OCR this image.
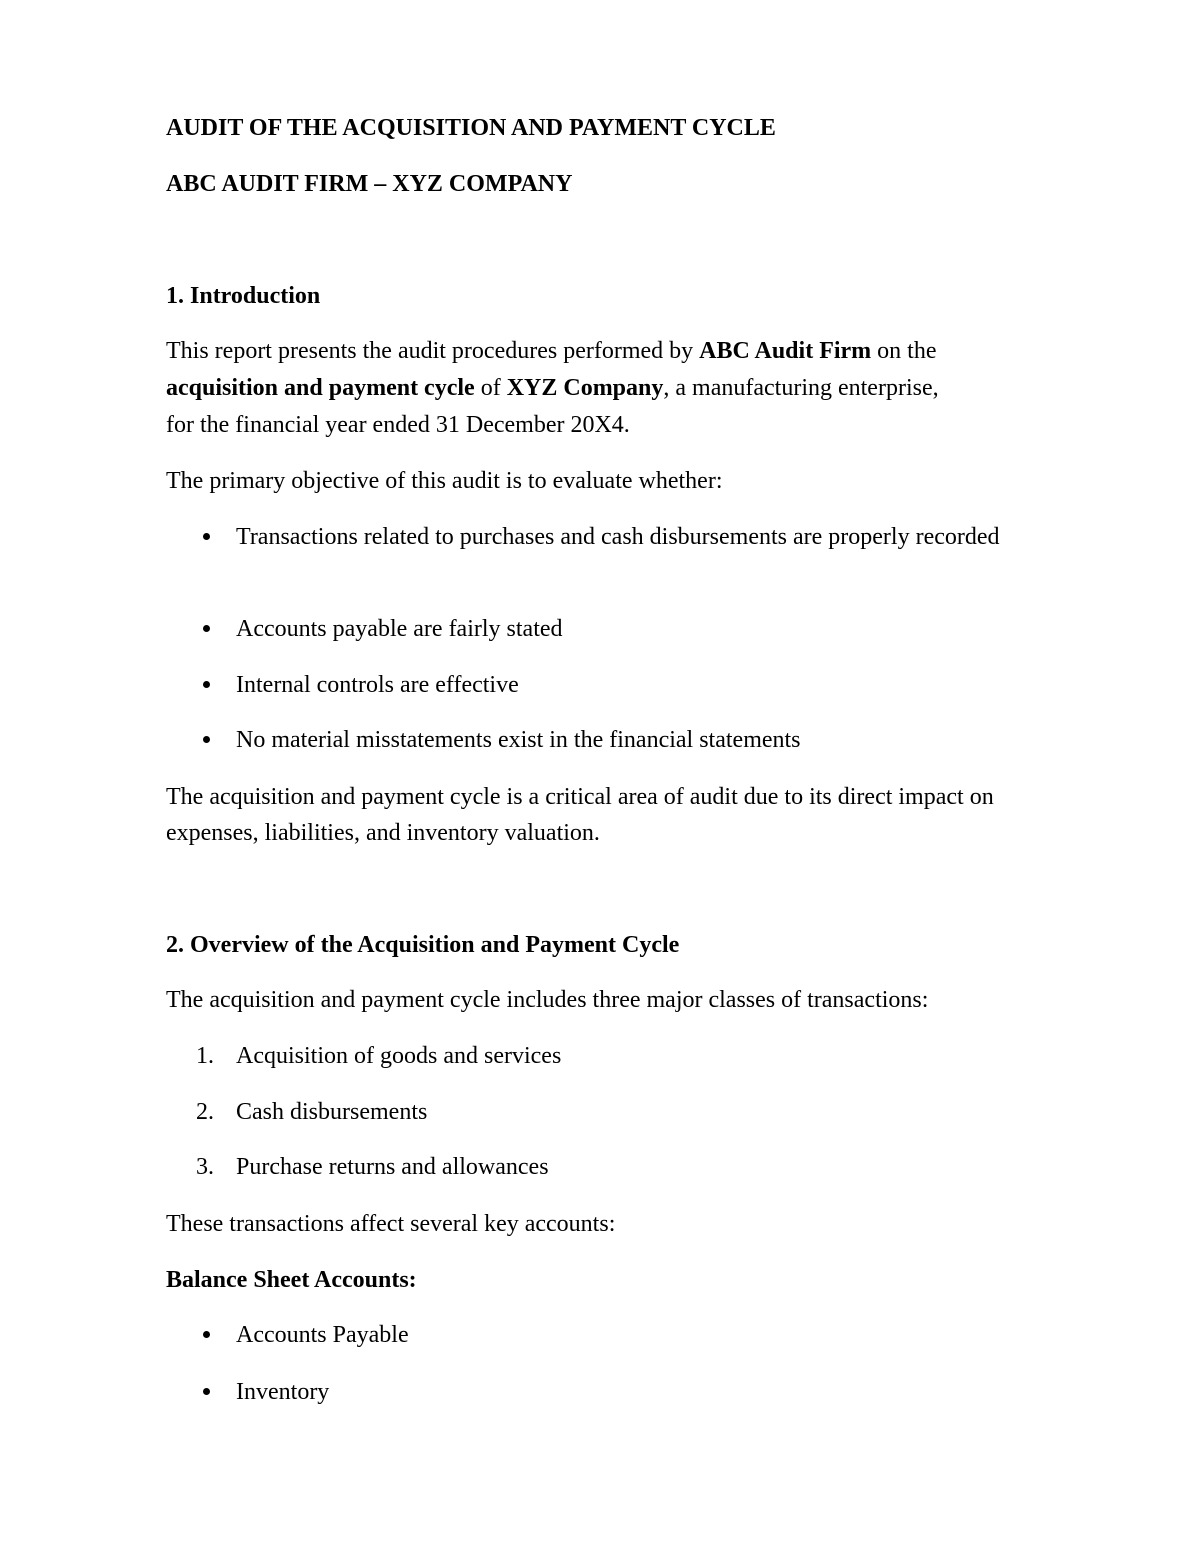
AUDIT OF THE ACQUISITION AND PAYMENT CYCLE

ABC AUDIT FIRM – XYZ COMPANY

1. Introduction

This report presents the audit procedures performed by ABC Audit Firm on the

acquisition and payment cycle of XYZ Company, a manufacturing enterprise,

for the financial year ended 31 December 20X4.

The primary objective of this audit is to evaluate whether:

Transactions related to purchases and cash disbursements are properly recorded
Accounts payable are fairly stated
Internal controls are effective
No material misstatements exist in the financial statements

The acquisition and payment cycle is a critical area of audit due to its direct impact on expenses, liabilities, and inventory valuation.

2. Overview of the Acquisition and Payment Cycle

The acquisition and payment cycle includes three major classes of transactions:

1. Acquisition of goods and services
2. Cash disbursements
3. Purchase returns and allowances

These transactions affect several key accounts:

Balance Sheet Accounts:

Accounts Payable
Inventory
